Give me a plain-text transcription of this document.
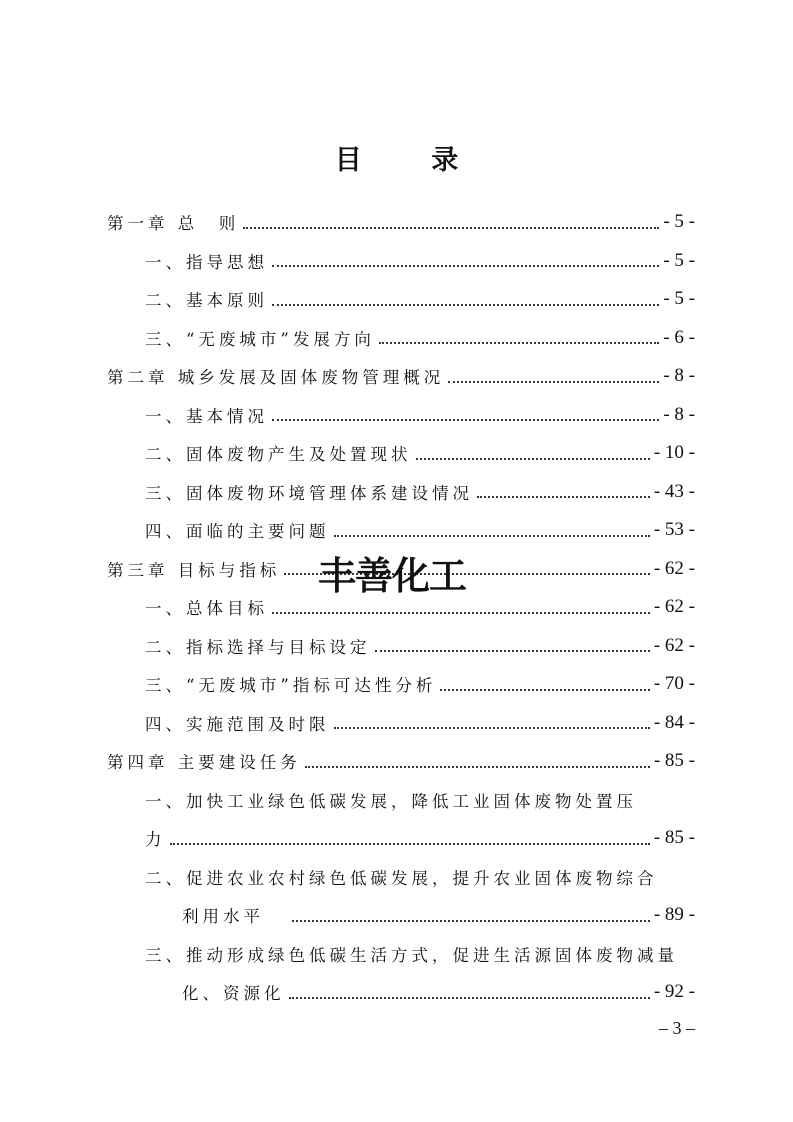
目 录
第一章 总　则	- 5 -
一、指导思想	- 5 -
二、基本原则	- 5 -
三、“无废城市”发展方向	- 6 -
第二章 城乡发展及固体废物管理概况	- 8 -
一、基本情况	- 8 -
二、固体废物产生及处置现状	- 10 -
三、固体废物环境管理体系建设情况	- 43 -
四、面临的主要问题	- 53 -
第三章 目标与指标	- 62 -
一、总体目标	- 62 -
二、指标选择与目标设定	- 62 -
三、“无废城市”指标可达性分析	- 70 -
四、实施范围及时限	- 84 -
第四章 主要建设任务	- 85 -
一、加快工业绿色低碳发展，降低工业固体废物处置压
力	- 85 -
二、促进农业农村绿色低碳发展，提升农业固体废物综合
利用水平	- 89 -
三、推动形成绿色低碳生活方式，促进生活源固体废物减量
化、资源化	- 92 -
丰善化工
– 3 –
